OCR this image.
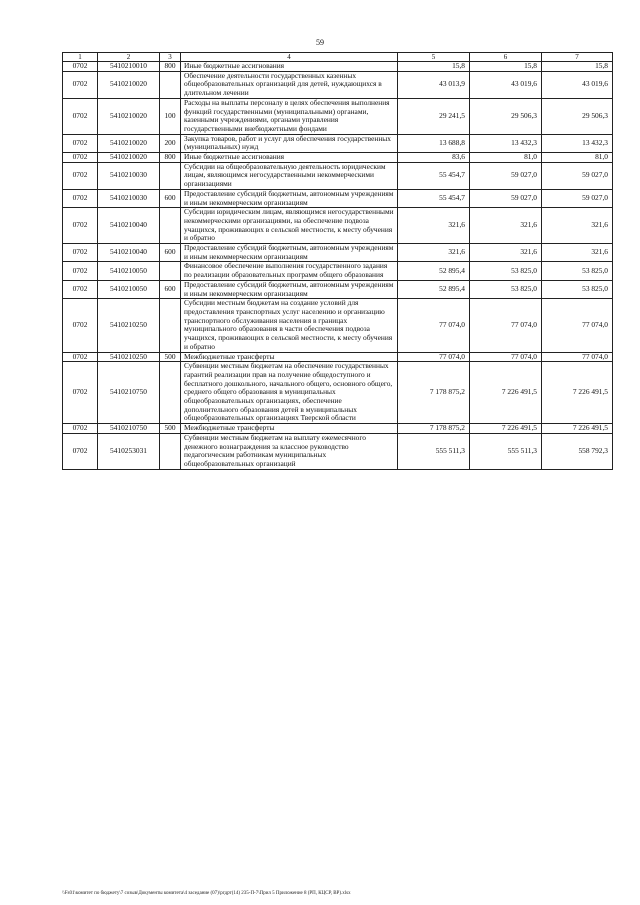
59
1	2	3	4	5	6	7
0702	5410210010	800	Иные бюджетные ассигнования	15,8	15,8	15,8
0702	5410210020		Обеспечение деятельности государственных казенных общеобразовательных организаций для детей, нуждающихся в длительном лечении	43 013,9	43 019,6	43 019,6
0702	5410210020	100	Расходы на выплаты персоналу в целях обеспечения выполнения функций государственными (муниципальными) органами, казенными учреждениями, органами управления государственными внебюджетными фондами	29 241,5	29 506,3	29 506,3
0702	5410210020	200	Закупка товаров, работ и услуг для обеспечения государственных (муниципальных) нужд	13 688,8	13 432,3	13 432,3
0702	5410210020	800	Иные бюджетные ассигнования	83,6	81,0	81,0
0702	5410210030		Субсидии на общеобразовательную деятельность юридическим лицам, являющимся негосударственными некоммерческими организациями	55 454,7	59 027,0	59 027,0
0702	5410210030	600	Предоставление субсидий бюджетным, автономным учреждениям и иным некоммерческим организациям	55 454,7	59 027,0	59 027,0
0702	5410210040		Субсидии юридическим лицам, являющимся негосударственными некоммерческими организациями, на обеспечение подвоза учащихся, проживающих в сельской местности, к месту обучения и обратно	321,6	321,6	321,6
0702	5410210040	600	Предоставление субсидий бюджетным, автономным учреждениям и иным некоммерческим организациям	321,6	321,6	321,6
0702	5410210050		Финансовое обеспечение выполнения государственного задания по реализации образовательных программ общего образования	52 895,4	53 825,0	53 825,0
0702	5410210050	600	Предоставление субсидий бюджетным, автономным учреждениям и иным некоммерческим организациям	52 895,4	53 825,0	53 825,0
0702	5410210250		Субсидии местным бюджетам на создание условий для предоставления транспортных услуг населению и организацию транспортного обслуживания населения в границах муниципального образования в части обеспечения подвоза учащихся, проживающих в сельской местности, к месту обучения и обратно	77 074,0	77 074,0	77 074,0
0702	5410210250	500	Межбюджетные трансферты	77 074,0	77 074,0	77 074,0
0702	5410210750		Субвенции местным бюджетам на обеспечение государственных гарантий реализации прав на получение общедоступного и бесплатного дошкольного, начального общего, основного общего, среднего общего образования в муниципальных общеобразовательных организациях, обеспечение дополнительного образования детей в муниципальных общеобразовательных организациях Тверской области	7 178 875,2	7 226 491,5	7 226 491,5
0702	5410210750	500	Межбюджетные трансферты	7 178 875,2	7 226 491,5	7 226 491,5
0702	5410253031		Субвенции местным бюджетам на выплату ежемесячного денежного вознаграждения за классное руководство педагогическим работникам муниципальных общеобразовательных организаций	555 511,3	555 511,3	558 792,3
\\Fs01\комитет по бюджету\7 созыв\Документы комитета\4 заседание (07)\ргдрт(14) 235-П-7\Прил 5 Приложение 8 (РП, КЦСР, ВР).xlsx
